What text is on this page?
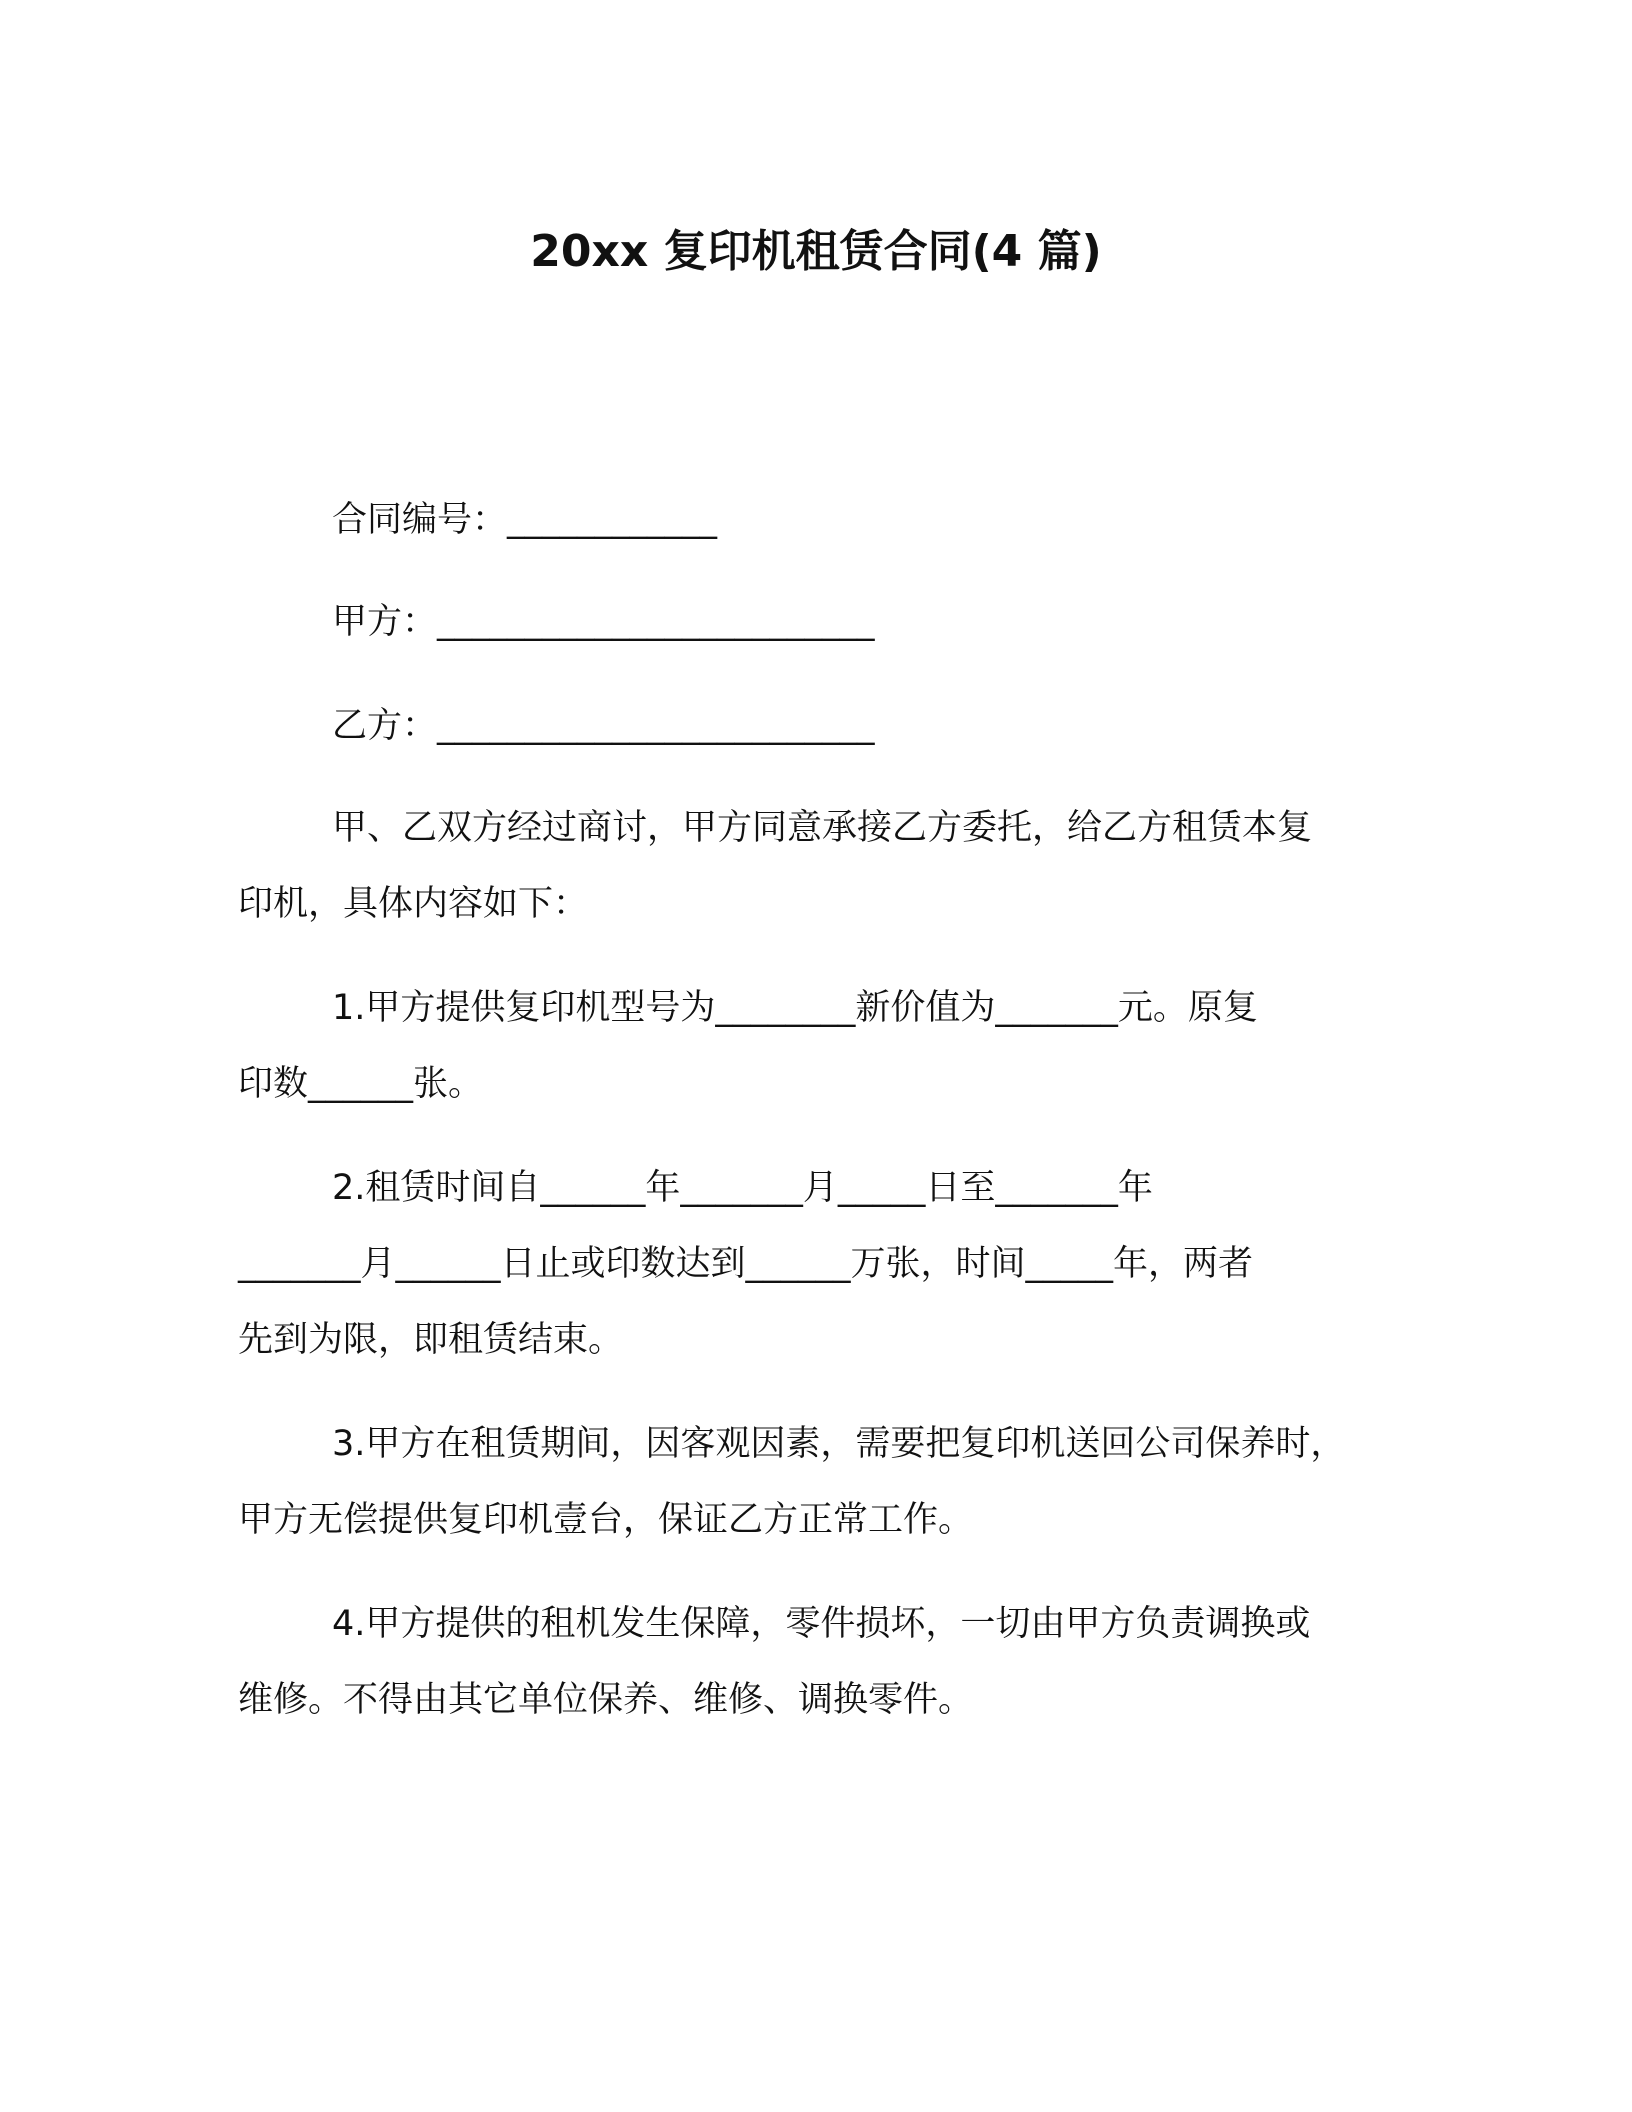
20xx 复印机租赁合同(4 篇)
合同编号：____________
甲方：_________________________
乙方：_________________________
甲、乙双方经过商讨，甲方同意承接乙方委托，给乙方租赁本复
印机，具体内容如下：
1.甲方提供复印机型号为________新价值为_______元。原复
印数______张。
2.租赁时间自______年_______月_____日至_______年
_______月______日止或印数达到______万张，时间_____年，两者
先到为限，即租赁结束。
3.甲方在租赁期间，因客观因素，需要把复印机送回公司保养时，
甲方无偿提供复印机壹台，保证乙方正常工作。
4.甲方提供的租机发生保障，零件损坏，一切由甲方负责调换或
维修。不得由其它单位保养、维修、调换零件。
